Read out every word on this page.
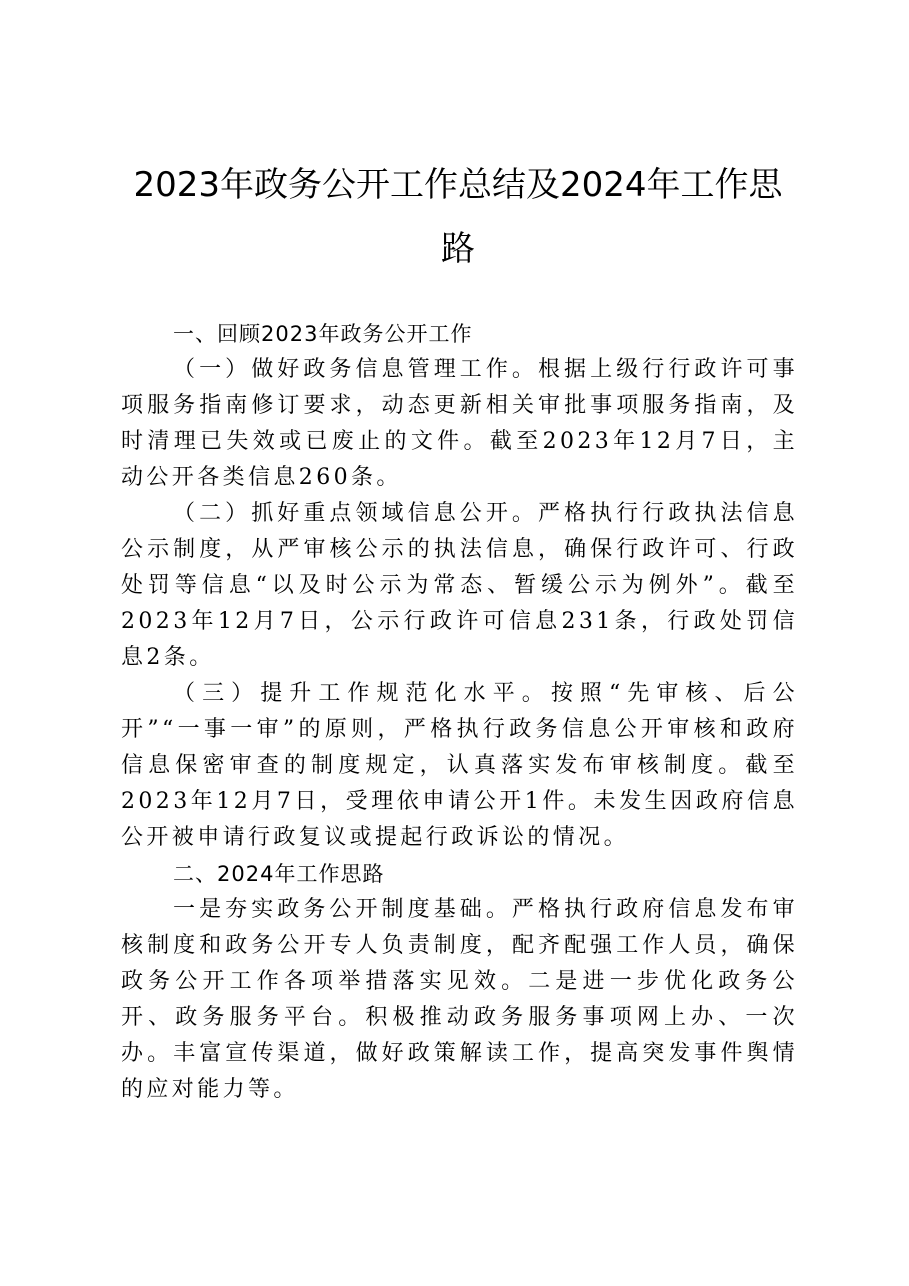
2023年政务公开工作总结及2024年工作思路

一、回顾2023年政务公开工作

（一）做好政务信息管理工作。根据上级行行政许可事项服务指南修订要求，动态更新相关审批事项服务指南，及时清理已失效或已废止的文件。截至2023年12月7日，主动公开各类信息260条。

（二）抓好重点领域信息公开。严格执行行政执法信息公示制度，从严审核公示的执法信息，确保行政许可、行政处罚等信息“以及时公示为常态、暂缓公示为例外”。截至2023年12月7日，公示行政许可信息231条，行政处罚信息2条。

（三）提升工作规范化水平。按照“先审核、后公开”“一事一审”的原则，严格执行政务信息公开审核和政府信息保密审查的制度规定，认真落实发布审核制度。截至2023年12月7日，受理依申请公开1件。未发生因政府信息公开被申请行政复议或提起行政诉讼的情况。

二、2024年工作思路

一是夯实政务公开制度基础。严格执行政府信息发布审核制度和政务公开专人负责制度，配齐配强工作人员，确保政务公开工作各项举措落实见效。二是进一步优化政务公开、政务服务平台。积极推动政务服务事项网上办、一次办。丰富宣传渠道，做好政策解读工作，提高突发事件舆情的应对能力等。
